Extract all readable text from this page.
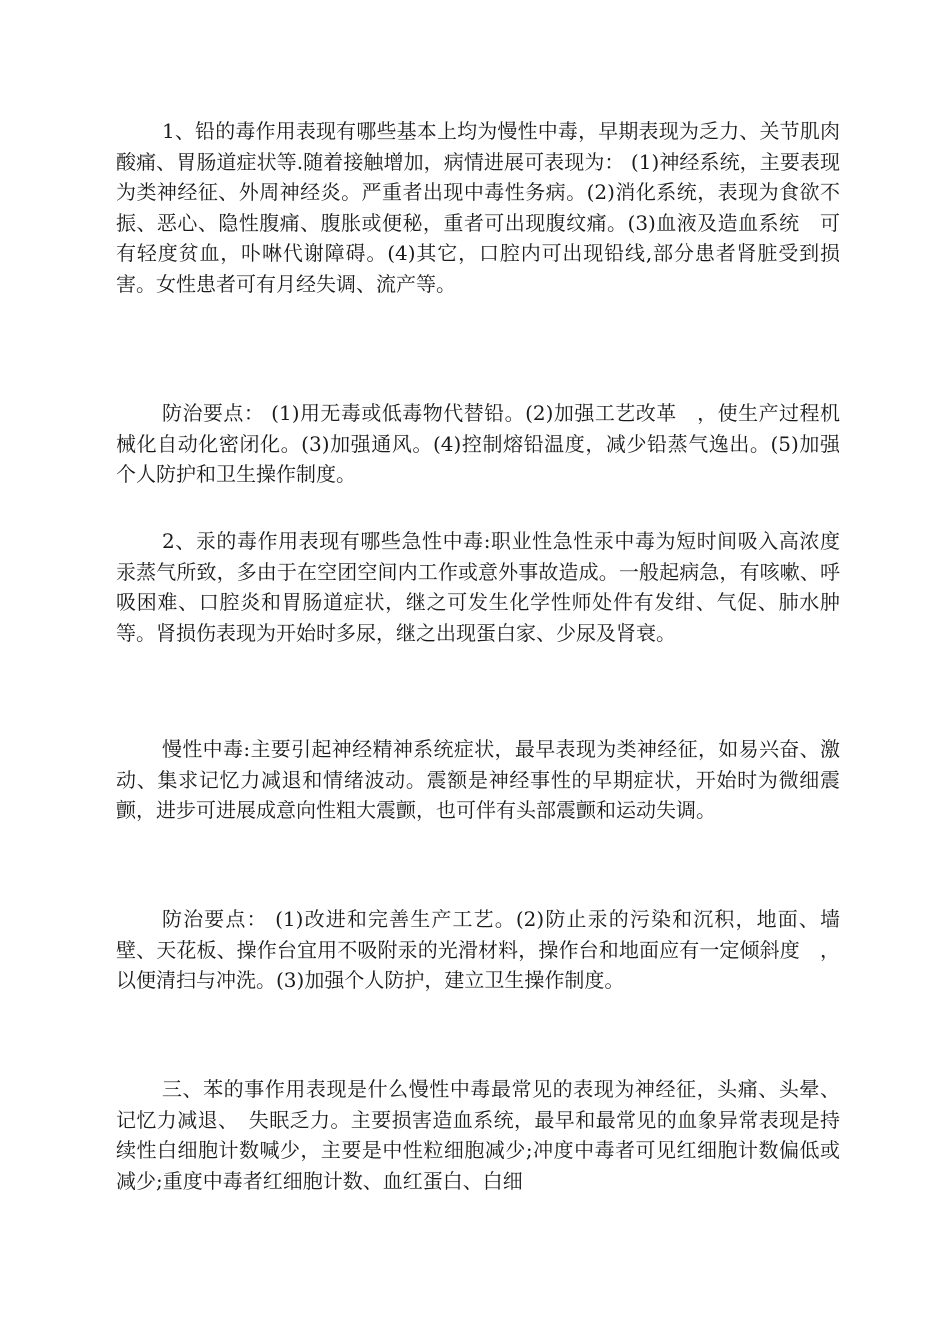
1、铅的毒作用表现有哪些基本上均为慢性中毒，早期表现为乏力、关节肌肉酸痛、胃肠道症状等.随着接触增加，病情进展可表现为： (1)神经系统，主要表现为类神经征、外周神经炎。严重者出现中毒性务病。(2)消化系统，表现为食欲不振、恶心、隐性腹痛、腹胀或便秘，重者可出现腹纹痛。(3)血液及造血系统　可有轻度贫血，卟啉代谢障碍。(4)其它，口腔内可出现铅线,部分患者肾脏受到损害。女性患者可有月经失调、流产等。

防治要点： (1)用无毒或低毒物代替铅。(2)加强工艺改革　，使生产过程机械化自动化密闭化。(3)加强通风。(4)控制熔铅温度，减少铅蒸气逸出。(5)加强个人防护和卫生操作制度。

2、汞的毒作用表现有哪些急性中毒:职业性急性汞中毒为短时间吸入高浓度汞蒸气所致，多由于在空团空间内工作或意外事故造成。一般起病急，有咳嗽、呼吸困难、口腔炎和胃肠道症状，继之可发生化学性师处件有发绀、气促、肺水肿等。肾损伤表现为开始时多尿，继之出现蛋白家、少尿及肾衰。

慢性中毒:主要引起神经精神系统症状，最早表现为类神经征，如易兴奋、激动、集求记忆力减退和情绪波动。震额是神经事性的早期症状，开始时为微细震颤，进步可进展成意向性粗大震颤，也可伴有头部震颤和运动失调。

防治要点： (1)改进和完善生产工艺。(2)防止汞的污染和沉积，地面、墙壁、天花板、操作台宜用不吸附汞的光滑材料，操作台和地面应有一定倾斜度　，以便清扫与冲洗。(3)加强个人防护，建立卫生操作制度。

三、苯的事作用表现是什么慢性中毒最常见的表现为神经征，头痛、头晕、记忆力减退、　失眠乏力。主要损害造血系统，最早和最常见的血象异常表现是持续性白细胞计数喊少，主要是中性粒细胞减少;冲度中毒者可见红细胞计数偏低或减少;重度中毒者红细胞计数、血红蛋白、白细
